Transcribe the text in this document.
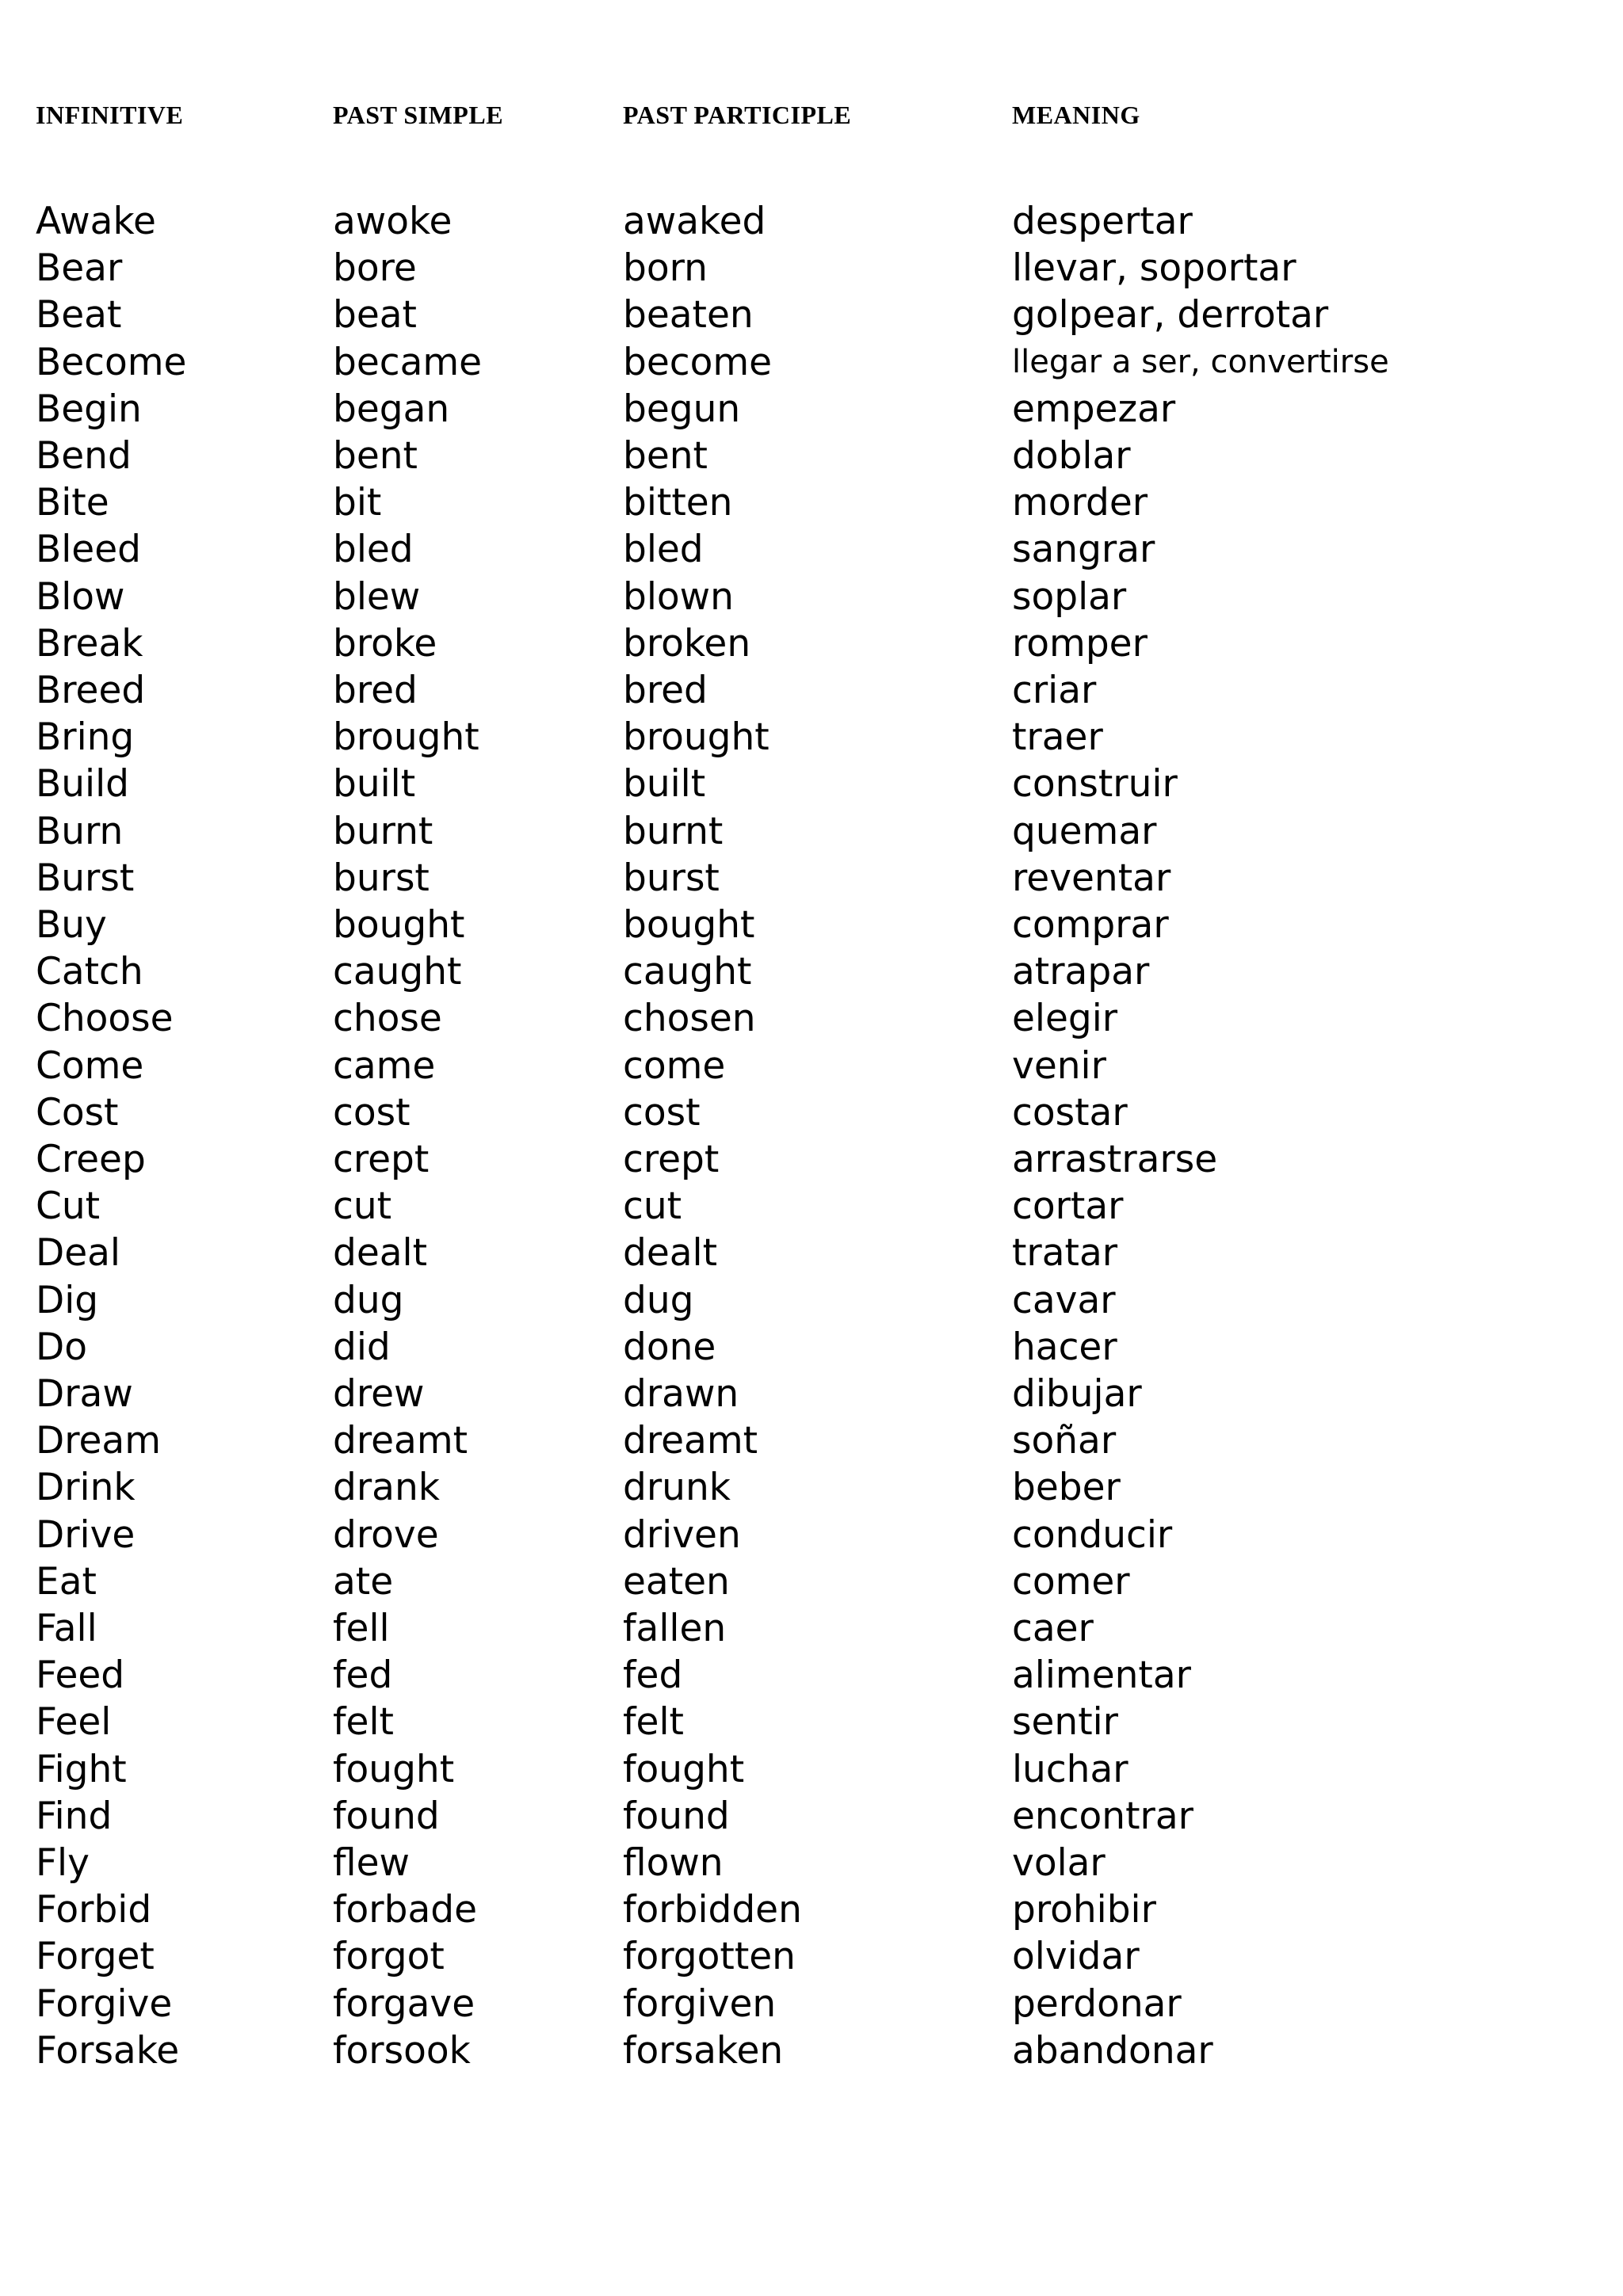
INFINITIVE	PAST SIMPLE	PAST PARTICIPLE	MEANING
Awake	awoke	awaked	despertar
Bear	bore	born	llevar, soportar
Beat	beat	beaten	golpear, derrotar
Become	became	become	llegar a ser, convertirse
Begin	began	begun	empezar
Bend	bent	bent	doblar
Bite	bit	bitten	morder
Bleed	bled	bled	sangrar
Blow	blew	blown	soplar
Break	broke	broken	romper
Breed	bred	bred	criar
Bring	brought	brought	traer
Build	built	built	construir
Burn	burnt	burnt	quemar
Burst	burst	burst	reventar
Buy	bought	bought	comprar
Catch	caught	caught	atrapar
Choose	chose	chosen	elegir
Come	came	come	venir
Cost	cost	cost	costar
Creep	crept	crept	arrastrarse
Cut	cut	cut	cortar
Deal	dealt	dealt	tratar
Dig	dug	dug	cavar
Do	did	done	hacer
Draw	drew	drawn	dibujar
Dream	dreamt	dreamt	soñar
Drink	drank	drunk	beber
Drive	drove	driven	conducir
Eat	ate	eaten	comer
Fall	fell	fallen	caer
Feed	fed	fed	alimentar
Feel	felt	felt	sentir
Fight	fought	fought	luchar
Find	found	found	encontrar
Fly	flew	flown	volar
Forbid	forbade	forbidden	prohibir
Forget	forgot	forgotten	olvidar
Forgive	forgave	forgiven	perdonar
Forsake	forsook	forsaken	abandonar
